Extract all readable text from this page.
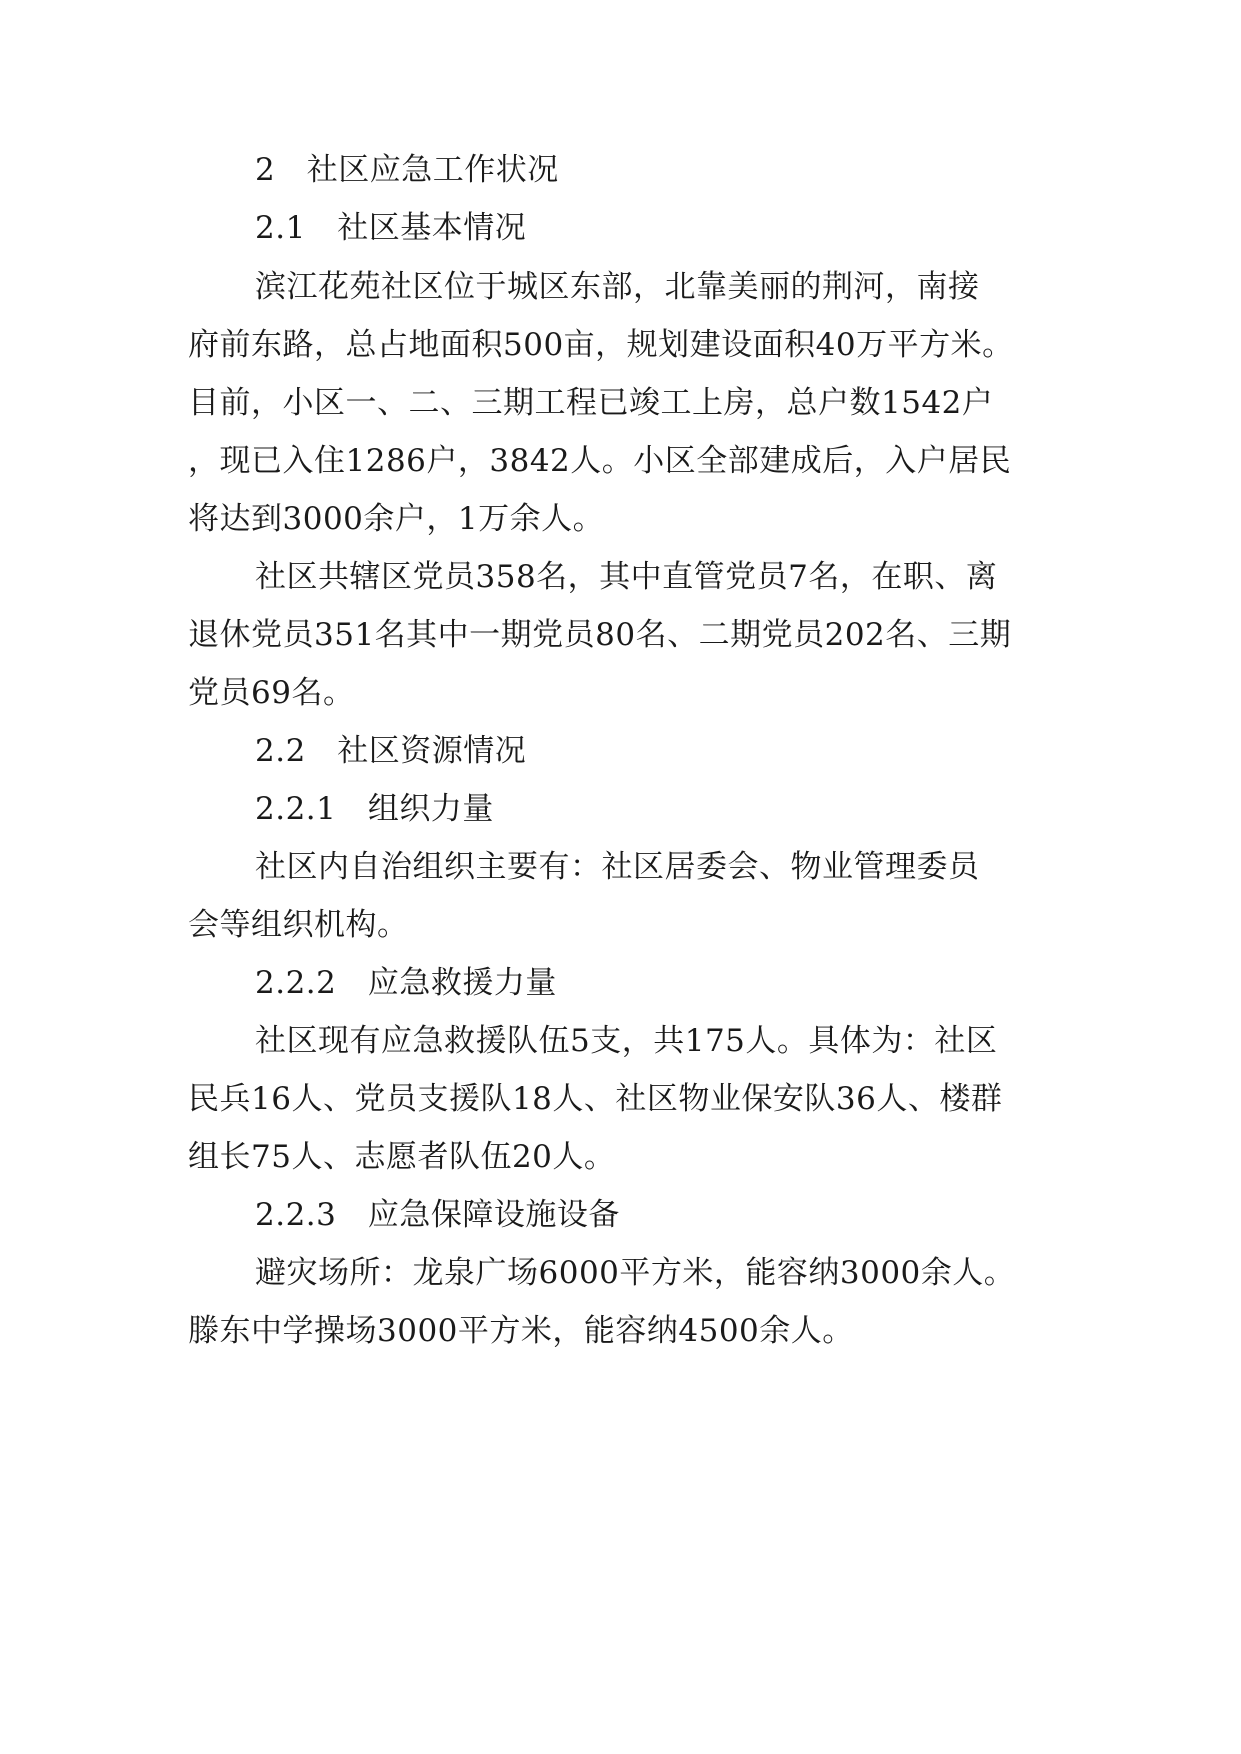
2　社区应急工作状况
2.1　社区基本情况
滨江花苑社区位于城区东部，北靠美丽的荆河，南接
府前东路，总占地面积500亩，规划建设面积40万平方米。
目前，小区一、二、三期工程已竣工上房，总户数1542户
，现已入住1286户，3842人。小区全部建成后，入户居民
将达到3000余户，1万余人。
社区共辖区党员358名，其中直管党员7名，在职、离
退休党员351名其中一期党员80名、二期党员202名、三期
党员69名。
2.2　社区资源情况
2.2.1　组织力量
社区内自治组织主要有：社区居委会、物业管理委员
会等组织机构。
2.2.2　应急救援力量
社区现有应急救援队伍5支，共175人。具体为：社区
民兵16人、党员支援队18人、社区物业保安队36人、楼群
组长75人、志愿者队伍20人。
2.2.3　应急保障设施设备
避灾场所：龙泉广场6000平方米，能容纳3000余人。
滕东中学操场3000平方米，能容纳4500余人。
